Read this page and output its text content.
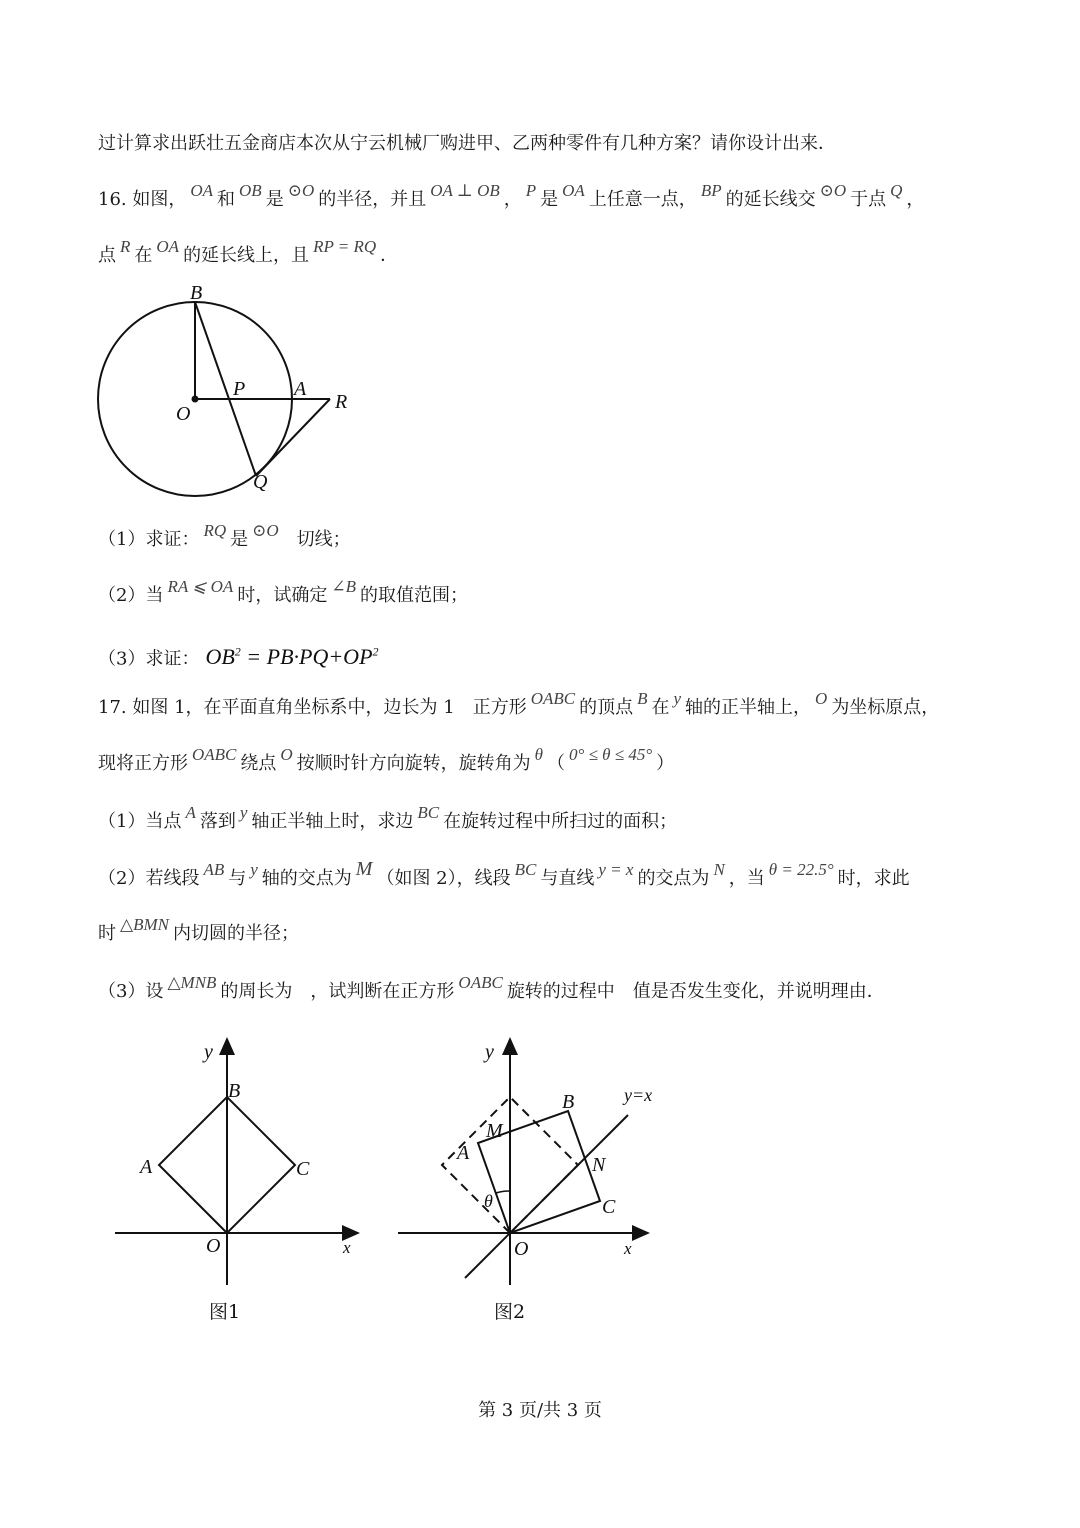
过计算求出跃壮五金商店本次从宁云机械厂购进甲、乙两种零件有几种方案？请你设计出来．
16. 如图， OA 和 OB 是 ⊙O 的半径，并且 OA ⊥ OB ， P 是 OA 上任意一点， BP 的延长线交 ⊙O 于点 Q ，
点 R 在 OA 的延长线上，且 RP = RQ ．
B
O
P A
R
Q
（1）求证： RQ 是 ⊙O 切线；
（2）当 RA ⩽ OA 时，试确定 ∠B 的取值范围；
（3）求证： $OB^2 = PB\cdot PQ+OP^2$
17. 如图 1，在平面直角坐标系中，边长为 1　正方形 OABC 的顶点 B 在 y 轴的正半轴上， O 为坐标原点，
现将正方形 OABC 绕点 O 按顺时针方向旋转，旋转角为 θ （ 0° ≤ θ ≤ 45° ）
（1）当点 A 落到 y 轴正半轴上时，求边 BC 在旋转过程中所扫过的面积；
（2）若线段 AB 与 y 轴的交点为 M （如图 2），线段 BC 与直线 y = x 的交点为 N ，当 θ = 22.5° 时，求此
时 △BMN 内切圆的半径；
（3）设 △MNB 的周长为　，试判断在正方形 OABC 旋转的过程中　值是否发生变化，并说明理由．
y
x
O
A
B
C
图1
y
x
O
A
B
C
M
N
θ
y=x
图2
第 3 页/共 3 页
